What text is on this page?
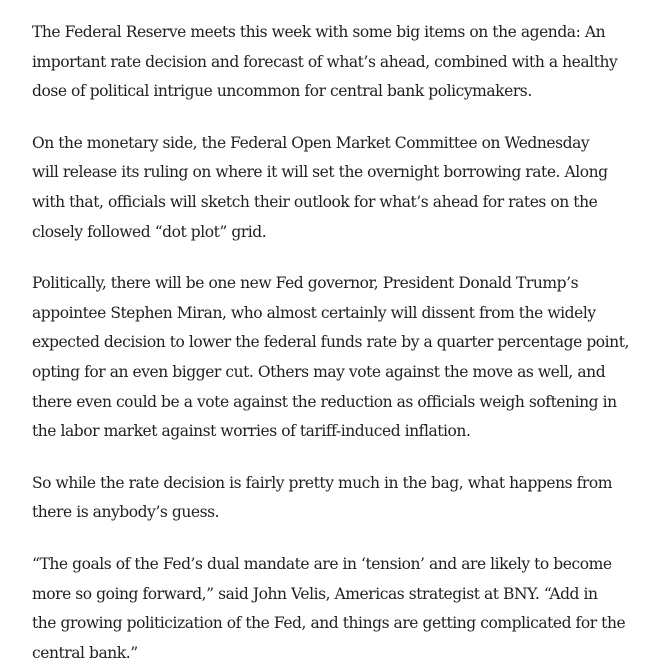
The Federal Reserve meets this week with some big items on the agenda: An
important rate decision and forecast of what’s ahead, combined with a healthy
dose of political intrigue uncommon for central bank policymakers.

On the monetary side, the Federal Open Market Committee on Wednesday
will release its ruling on where it will set the overnight borrowing rate. Along
with that, officials will sketch their outlook for what’s ahead for rates on the
closely followed “dot plot” grid.

Politically, there will be one new Fed governor, President Donald Trump’s
appointee Stephen Miran, who almost certainly will dissent from the widely
expected decision to lower the federal funds rate by a quarter percentage point,
opting for an even bigger cut. Others may vote against the move as well, and
there even could be a vote against the reduction as officials weigh softening in
the labor market against worries of tariff-induced inflation.

So while the rate decision is fairly pretty much in the bag, what happens from
there is anybody’s guess.

“The goals of the Fed’s dual mandate are in ‘tension’ and are likely to become
more so going forward,” said John Velis, Americas strategist at BNY. “Add in
the growing politicization of the Fed, and things are getting complicated for the
central bank.”
